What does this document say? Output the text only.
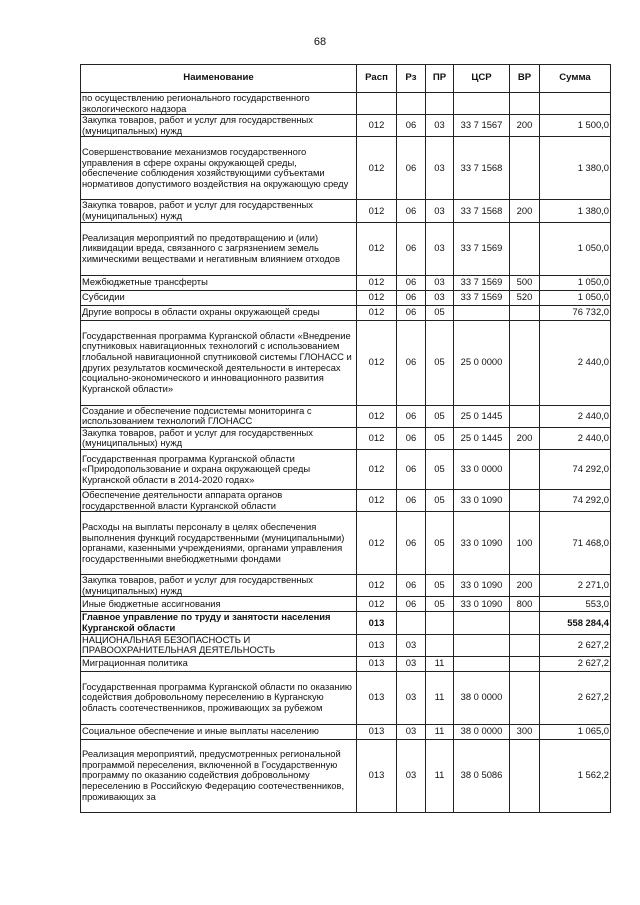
68
Наименование	Расп	Рз	ПР	ЦСР	ВР	Сумма
по осуществлению регионального государственного экологического надзора						
Закупка товаров, работ и услуг для государственных (муниципальных) нужд	012	06	03	33 7 1567	200	1 500,0
Совершенствование механизмов государственного управления в сфере охраны окружающей среды, обеспечение соблюдения хозяйствующими субъектами нормативов допустимого воздействия на окружающую среду	012	06	03	33 7 1568		1 380,0
Закупка товаров, работ и услуг для государственных (муниципальных) нужд	012	06	03	33 7 1568	200	1 380,0
Реализация мероприятий по предотвращению и (или) ликвидации вреда, связанного с загрязнением земель химическими веществами и негативным влиянием отходов	012	06	03	33 7 1569		1 050,0
Межбюджетные трансферты	012	06	03	33 7 1569	500	1 050,0
Субсидии	012	06	03	33 7 1569	520	1 050,0
Другие вопросы в области охраны окружающей среды	012	06	05			76 732,0
Государственная программа Курганской области «Внедрение спутниковых навигационных технологий с использованием глобальной навигационной спутниковой системы ГЛОНАСС и других результатов космической деятельности в интересах социально-экономического и инновационного развития Курганской области»	012	06	05	25 0 0000		2 440,0
Создание и обеспечение подсистемы мониторинга с использованием технологий ГЛОНАСС	012	06	05	25 0 1445		2 440,0
Закупка товаров, работ и услуг для государственных (муниципальных) нужд	012	06	05	25 0 1445	200	2 440,0
Государственная программа Курганской области «Природопользование и охрана окружающей среды Курганской области в 2014-2020 годах»	012	06	05	33 0 0000		74 292,0
Обеспечение деятельности аппарата органов государственной власти Курганской области	012	06	05	33 0 1090		74 292,0
Расходы на выплаты персоналу в целях обеспечения выполнения функций государственными (муниципальными) органами, казенными учреждениями, органами управления государственными внебюджетными фондами	012	06	05	33 0 1090	100	71 468,0
Закупка товаров, работ и услуг для государственных (муниципальных) нужд	012	06	05	33 0 1090	200	2 271,0
Иные бюджетные ассигнования	012	06	05	33 0 1090	800	553,0
Главное управление по труду и занятости населения Курганской области	013					558 284,4
НАЦИОНАЛЬНАЯ БЕЗОПАСНОСТЬ И ПРАВООХРАНИТЕЛЬНАЯ ДЕЯТЕЛЬНОСТЬ	013	03				2 627,2
Миграционная политика	013	03	11			2 627,2
Государственная программа Курганской области по оказанию содействия добровольному переселению в Курганскую область соотечественников, проживающих за рубежом	013	03	11	38 0 0000		2 627,2
Социальное обеспечение и иные выплаты населению	013	03	11	38 0 0000	300	1 065,0
Реализация мероприятий, предусмотренных региональной программой переселения, включенной в Государственную программу по оказанию содействия добровольному переселению в Российскую Федерацию соотечественников, проживающих за	013	03	11	38 0 5086		1 562,2
